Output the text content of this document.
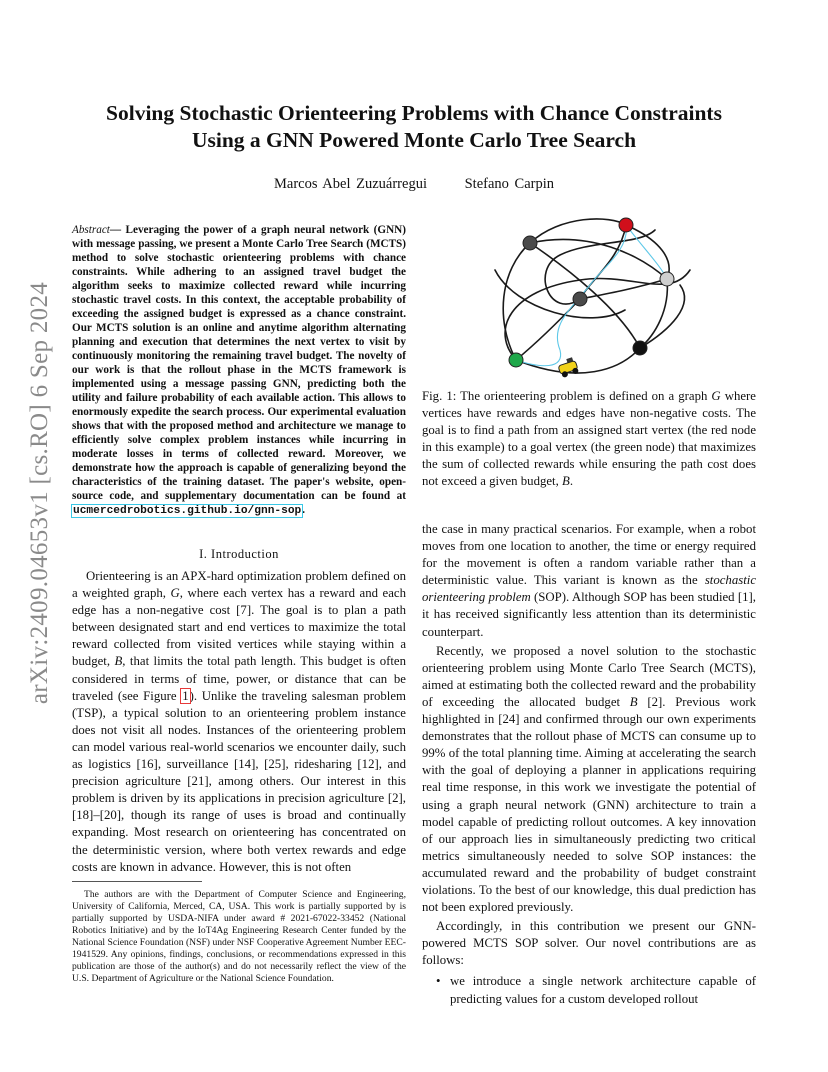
arXiv:2409.04653v1 [cs.RO] 6 Sep 2024
Solving Stochastic Orienteering Problems with Chance Constraints
Using a GNN Powered Monte Carlo Tree Search
Marcos Abel Zuzuárregui	Stefano Carpin
Abstract— Leveraging the power of a graph neural network (GNN) with message passing, we present a Monte Carlo Tree Search (MCTS) method to solve stochastic orienteering problems with chance constraints. While adhering to an assigned travel budget the algorithm seeks to maximize collected reward while incurring stochastic travel costs. In this context, the acceptable probability of exceeding the assigned budget is expressed as a chance constraint. Our MCTS solution is an online and anytime algorithm alternating planning and execution that determines the next vertex to visit by continuously monitoring the remaining travel budget. The novelty of our work is that the rollout phase in the MCTS framework is implemented using a message passing GNN, predicting both the utility and failure probability of each available action. This allows to enormously expedite the search process. Our experimental evaluation shows that with the proposed method and architecture we manage to efficiently solve complex problem instances while incurring in moderate losses in terms of collected reward. Moreover, we demonstrate how the approach is capable of generalizing beyond the characteristics of the training dataset. The paper's website, open-source code, and supplementary documentation can be found at ucmercedrobotics.github.io/gnn-sop.
I. Introduction

Orienteering is an APX-hard optimization problem defined on a weighted graph, G, where each vertex has a reward and each edge has a non-negative cost [7]. The goal is to plan a path between designated start and end vertices to maximize the total reward collected from visited vertices while staying within a budget, B, that limits the total path length. This budget is often considered in terms of time, power, or distance that can be traveled (see Figure 1). Unlike the traveling salesman problem (TSP), a typical solution to an orienteering problem instance does not visit all nodes. Instances of the orienteering problem can model various real-world scenarios we encounter daily, such as logistics [16], surveillance [14], [25], ridesharing [12], and precision agriculture [21], among others. Our interest in this problem is driven by its applications in precision agriculture [2], [18]–[20], though its range of uses is broad and continually expanding. Most research on orienteering has concentrated on the deterministic version, where both vertex rewards and edge costs are known in advance. However, this is not often

The authors are with the Department of Computer Science and Engineering, University of California, Merced, CA, USA. This work is partially supported by is partially supported by USDA-NIFA under award # 2021-67022-33452 (National Robotics Initiative) and by the IoT4Ag Engineering Research Center funded by the National Science Foundation (NSF) under NSF Cooperative Agreement Number EEC-1941529. Any opinions, findings, conclusions, or recommendations expressed in this publication are those of the author(s) and do not necessarily reflect the view of the U.S. Department of Agriculture or the National Science Foundation.

Fig. 1: The orienteering problem is defined on a graph G where vertices have rewards and edges have non-negative costs. The goal is to find a path from an assigned start vertex (the red node in this example) to a goal vertex (the green node) that maximizes the sum of collected rewards while ensuring the path cost does not exceed a given budget, B.

the case in many practical scenarios. For example, when a robot moves from one location to another, the time or energy required for the movement is often a random variable rather than a deterministic value. This variant is known as the stochastic orienteering problem (SOP). Although SOP has been studied [1], it has received significantly less attention than its deterministic counterpart.

Recently, we proposed a novel solution to the stochastic orienteering problem using Monte Carlo Tree Search (MCTS), aimed at estimating both the collected reward and the probability of exceeding the allocated budget B [2]. Previous work highlighted in [24] and confirmed through our own experiments demonstrates that the rollout phase of MCTS can consume up to 99% of the total planning time. Aiming at accelerating the search with the goal of deploying a planner in applications requiring real time response, in this work we investigate the potential of using a graph neural network (GNN) architecture to train a model capable of predicting rollout outcomes. A key innovation of our approach lies in simultaneously predicting two critical metrics simultaneously needed to solve SOP instances: the accumulated reward and the probability of budget constraint violations. To the best of our knowledge, this dual prediction has not been explored previously.

Accordingly, in this contribution we present our GNN-powered MCTS SOP solver. Our novel contributions are as follows:

• we introduce a single network architecture capable of predicting values for a custom developed rollout
